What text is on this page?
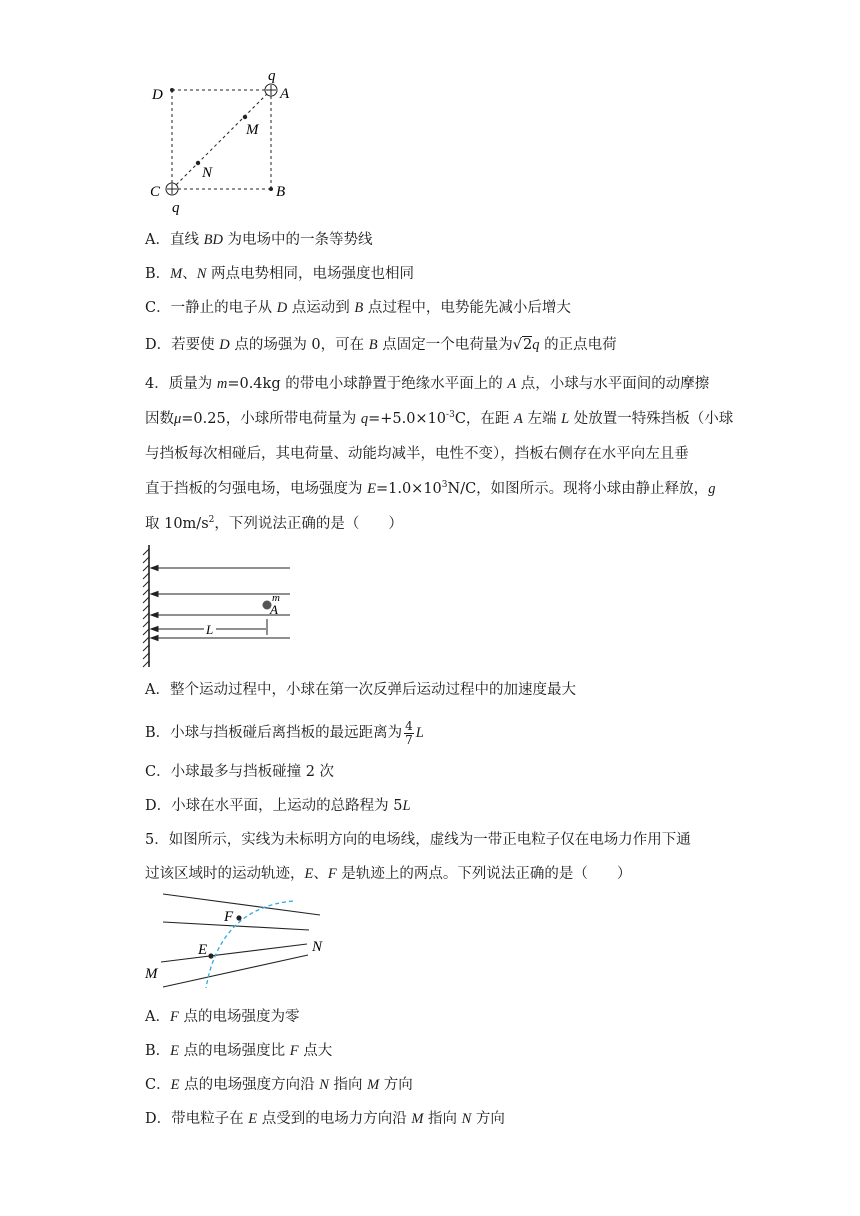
q
D	A
M
N
C	B
q
A．直线 BD 为电场中的一条等势线
B．M、N 两点电势相同，电场强度也相同
C．一静止的电子从 D 点运动到 B 点过程中，电势能先减小后增大
D．若要使 D 点的场强为 0，可在 B 点固定一个电荷量为√2q 的正点电荷
4．质量为 m=0.4kg 的带电小球静置于绝缘水平面上的 A 点，小球与水平面间的动摩擦
因数μ=0.25，小球所带电荷量为 $q=+5.0\times 10^{-3}C$，在距 A 左端 L 处放置一特殊挡板（小球
与挡板每次相碰后，其电荷量、动能均减半，电性不变），挡板右侧存在水平向左且垂
直于挡板的匀强电场，电场强度为 $E=1.0\times 10^3N/C$，如图所示。现将小球由静止释放，g
取 $10m/s^2$，下列说法正确的是（　　）
m
A
L
A．整个运动过程中，小球在第一次反弹后运动过程中的加速度最大
B．小球与挡板碰后离挡板的最远距离为 $\frac{4}{7}$ L
C．小球最多与挡板碰撞 2 次
D．小球在水平面，上运动的总路程为 5L
5．如图所示，实线为未标明方向的电场线，虚线为一带正电粒子仅在电场力作用下通
过该区域时的运动轨迹，E、F 是轨迹上的两点。下列说法正确的是（　　）
F
E	N
M
A．F 点的电场强度为零
B．E 点的电场强度比 F 点大
C．E 点的电场强度方向沿 N 指向 M 方向
D．带电粒子在 E 点受到的电场力方向沿 M 指向 N 方向
